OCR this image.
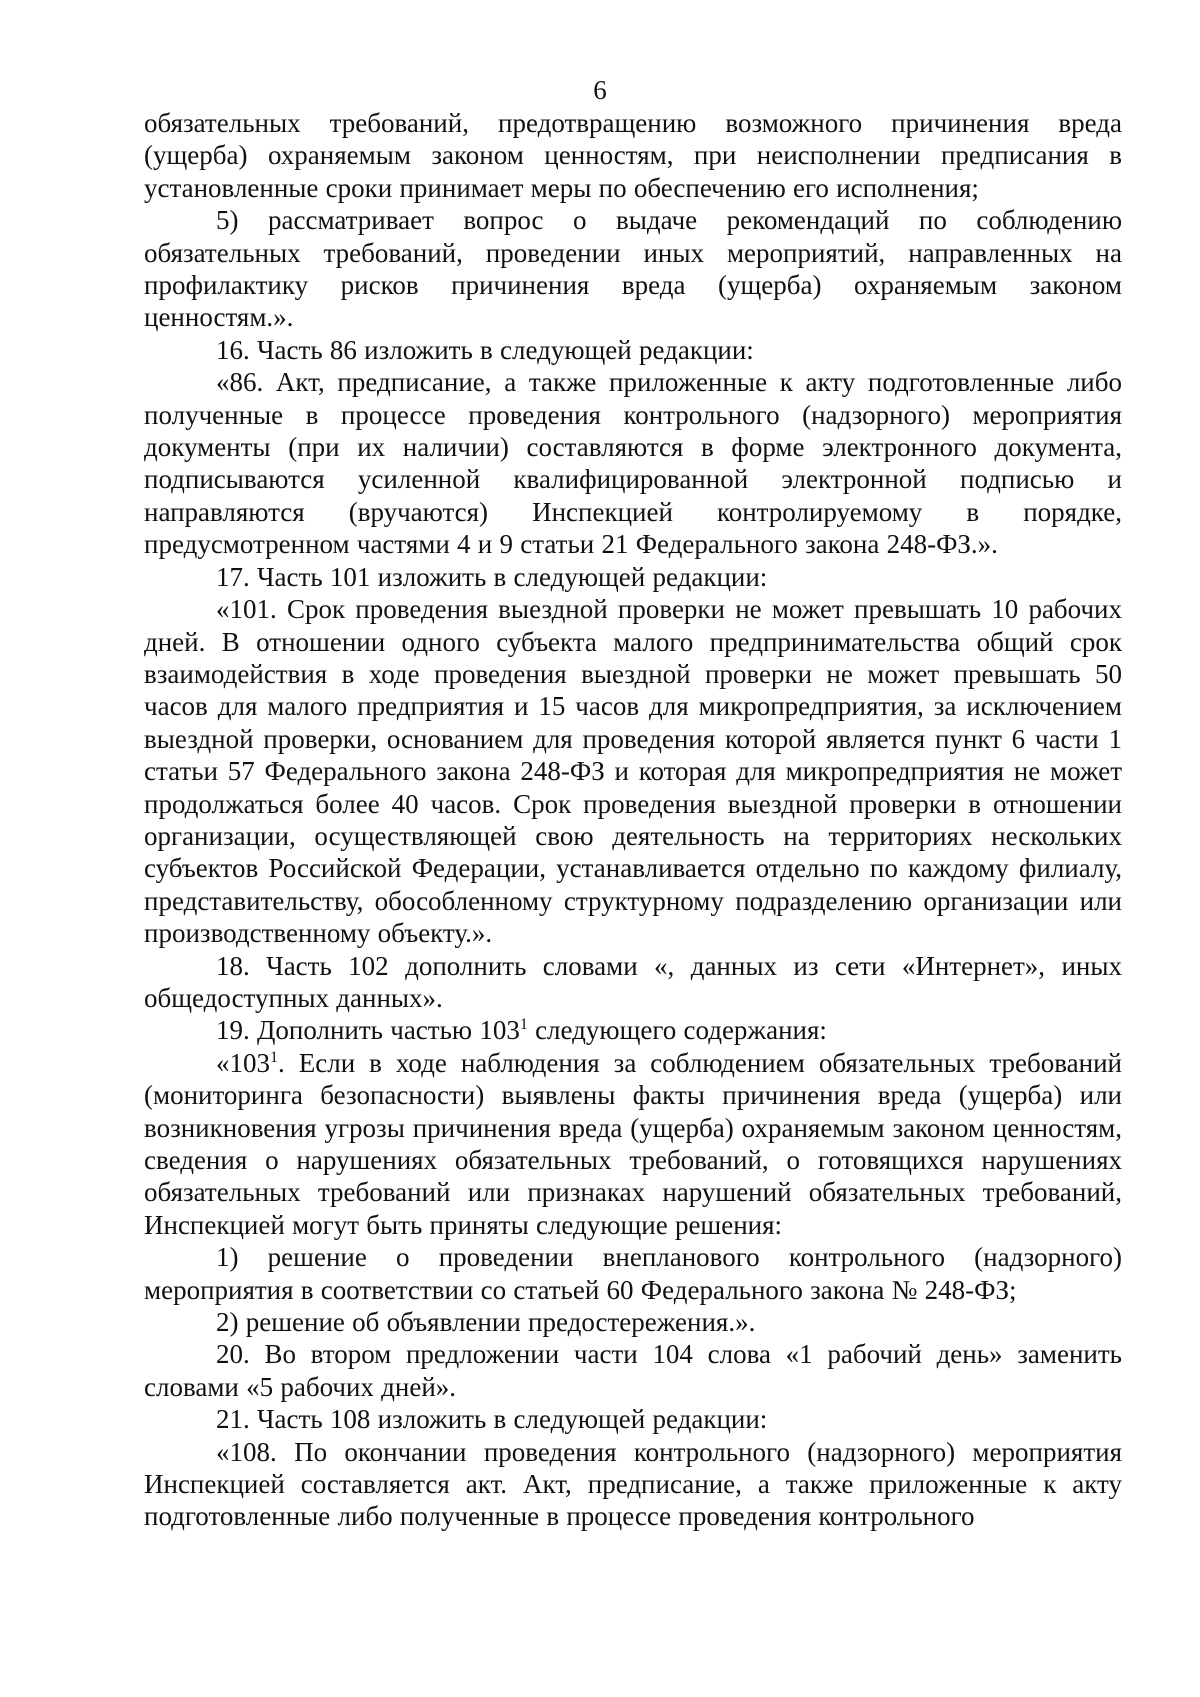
6

обязательных требований, предотвращению возможного причинения вреда (ущерба) охраняемым законом ценностям, при неисполнении предписания в установленные сроки принимает меры по обеспечению его исполнения;

5) рассматривает вопрос о выдаче рекомендаций по соблюдению обязательных требований, проведении иных мероприятий, направленных на профилактику рисков причинения вреда (ущерба) охраняемым законом ценностям.».

16. Часть 86 изложить в следующей редакции:

«86. Акт, предписание, а также приложенные к акту подготовленные либо полученные в процессе проведения контрольного (надзорного) мероприятия документы (при их наличии) составляются в форме электронного документа, подписываются усиленной квалифицированной электронной подписью и направляются (вручаются) Инспекцией контролируемому в порядке, предусмотренном частями 4 и 9 статьи 21 Федерального закона 248-ФЗ.».

17. Часть 101 изложить в следующей редакции:

«101. Срок проведения выездной проверки не может превышать 10 рабочих дней. В отношении одного субъекта малого предпринимательства общий срок взаимодействия в ходе проведения выездной проверки не может превышать 50 часов для малого предприятия и 15 часов для микропредприятия, за исключением выездной проверки, основанием для проведения которой является пункт 6 части 1 статьи 57 Федерального закона 248-ФЗ и которая для микропредприятия не может продолжаться более 40 часов. Срок проведения выездной проверки в отношении организации, осуществляющей свою деятельность на территориях нескольких субъектов Российской Федерации, устанавливается отдельно по каждому филиалу, представительству, обособленному структурному подразделению организации или производственному объекту.».

18. Часть 102 дополнить словами «, данных из сети «Интернет», иных общедоступных данных».

19. Дополнить частью $103^1$ следующего содержания:

«$103^1$. Если в ходе наблюдения за соблюдением обязательных требований (мониторинга безопасности) выявлены факты причинения вреда (ущерба) или возникновения угрозы причинения вреда (ущерба) охраняемым законом ценностям, сведения о нарушениях обязательных требований, о готовящихся нарушениях обязательных требований или признаках нарушений обязательных требований, Инспекцией могут быть приняты следующие решения:

1) решение о проведении внепланового контрольного (надзорного) мероприятия в соответствии со статьей 60 Федерального закона № 248-ФЗ;

2) решение об объявлении предостережения.».

20. Во втором предложении части 104 слова «1 рабочий день» заменить словами «5 рабочих дней».

21. Часть 108 изложить в следующей редакции:

«108. По окончании проведения контрольного (надзорного) мероприятия Инспекцией составляется акт. Акт, предписание, а также приложенные к акту подготовленные либо полученные в процессе проведения контрольного
